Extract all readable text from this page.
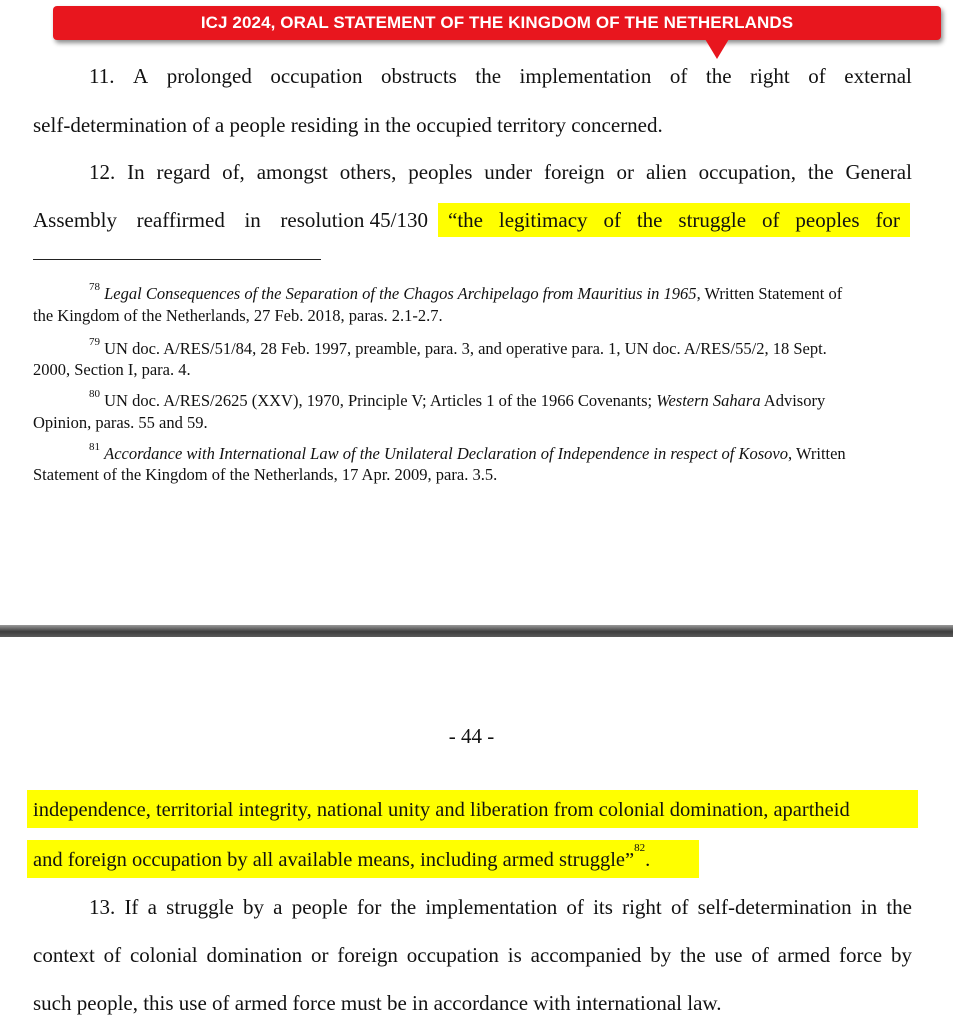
ICJ 2024, ORAL STATEMENT OF THE KINGDOM OF THE NETHERLANDS
11. A prolonged occupation obstructs the implementation of the right of external
self-determination of a people residing in the occupied territory concerned.
12. In regard of, amongst others, peoples under foreign or alien occupation, the General
Assembly reaffirmed in resolution 45/130 “the legitimacy of the struggle of peoples for
$^{78}$ Legal Consequences of the Separation of the Chagos Archipelago from Mauritius in 1965, Written Statement of
the Kingdom of the Netherlands, 27 Feb. 2018, paras. 2.1-2.7.
$^{79}$ UN doc. A/RES/51/84, 28 Feb. 1997, preamble, para. 3, and operative para. 1, UN doc. A/RES/55/2, 18 Sept.
2000, Section I, para. 4.
$^{80}$ UN doc. A/RES/2625 (XXV), 1970, Principle V; Articles 1 of the 1966 Covenants; Western Sahara Advisory
Opinion, paras. 55 and 59.
$^{81}$ Accordance with International Law of the Unilateral Declaration of Independence in respect of Kosovo, Written
Statement of the Kingdom of the Netherlands, 17 Apr. 2009, para. 3.5.
- 44 -
independence, territorial integrity, national unity and liberation from colonial domination, apartheid
and foreign occupation by all available means, including armed struggle”$^{82}$.
13. If a struggle by a people for the implementation of its right of self-determination in the
context of colonial domination or foreign occupation is accompanied by the use of armed force by
such people, this use of armed force must be in accordance with international law.
